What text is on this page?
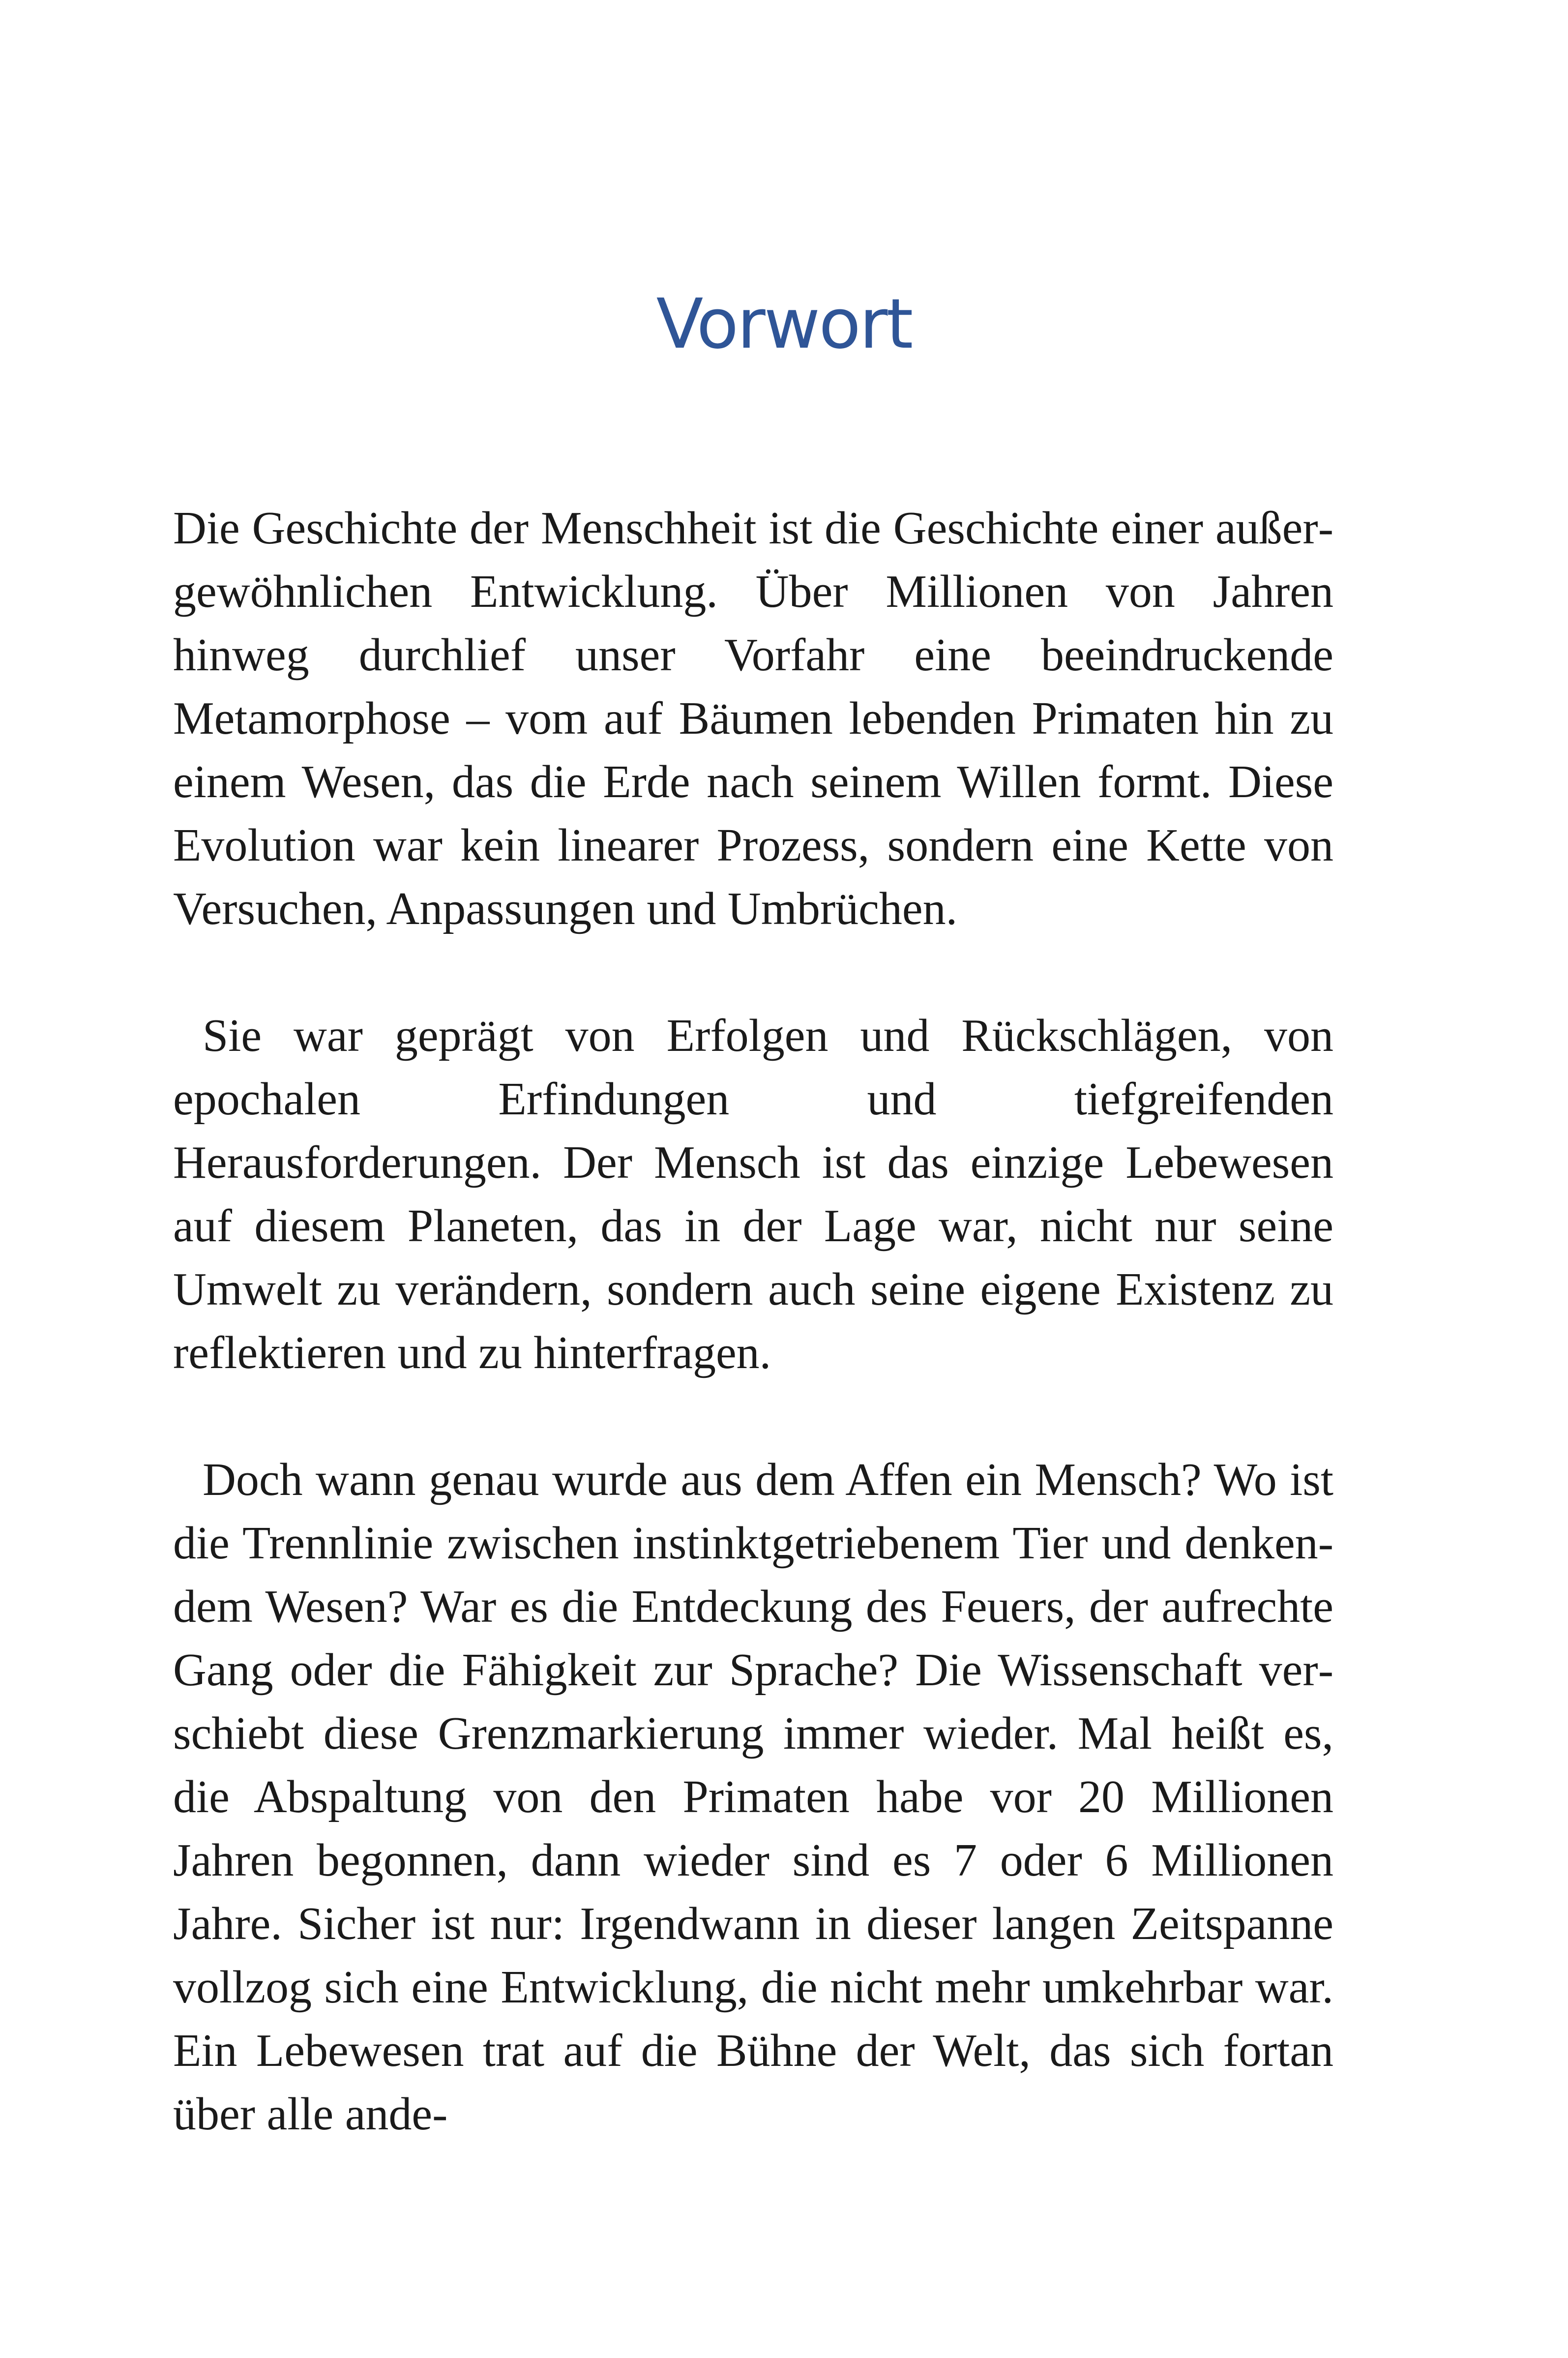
Vorwort

Die Geschichte der Menschheit ist die Geschichte einer außergewöhnlichen Entwicklung. Über Millionen von Jahren hinweg durchlief unser Vorfahr eine beeindruckende Metamorphose – vom auf Bäumen lebenden Primaten hin zu einem Wesen, das die Erde nach seinem Willen formt. Diese Evolution war kein linearer Prozess, sondern eine Kette von Versuchen, Anpassungen und Umbrüchen.

Sie war geprägt von Erfolgen und Rückschlägen, von epochalen Erfindungen und tiefgreifenden Herausforderungen. Der Mensch ist das einzige Lebewesen auf diesem Planeten, das in der Lage war, nicht nur seine Umwelt zu verändern, sondern auch seine eigene Existenz zu reflektieren und zu hinterfragen.

Doch wann genau wurde aus dem Affen ein Mensch? Wo ist die Trennlinie zwischen instinktgetriebenem Tier und denkendem Wesen? War es die Entdeckung des Feuers, der aufrechte Gang oder die Fähigkeit zur Sprache? Die Wissenschaft verschiebt diese Grenzmarkierung immer wieder. Mal heißt es, die Abspaltung von den Primaten habe vor 20 Millionen Jahren begonnen, dann wieder sind es 7 oder 6 Millionen Jahre. Sicher ist nur: Irgendwann in dieser langen Zeitspanne vollzog sich eine Entwicklung, die nicht mehr umkehrbar war. Ein Lebewesen trat auf die Bühne der Welt, das sich fortan über alle ande-
